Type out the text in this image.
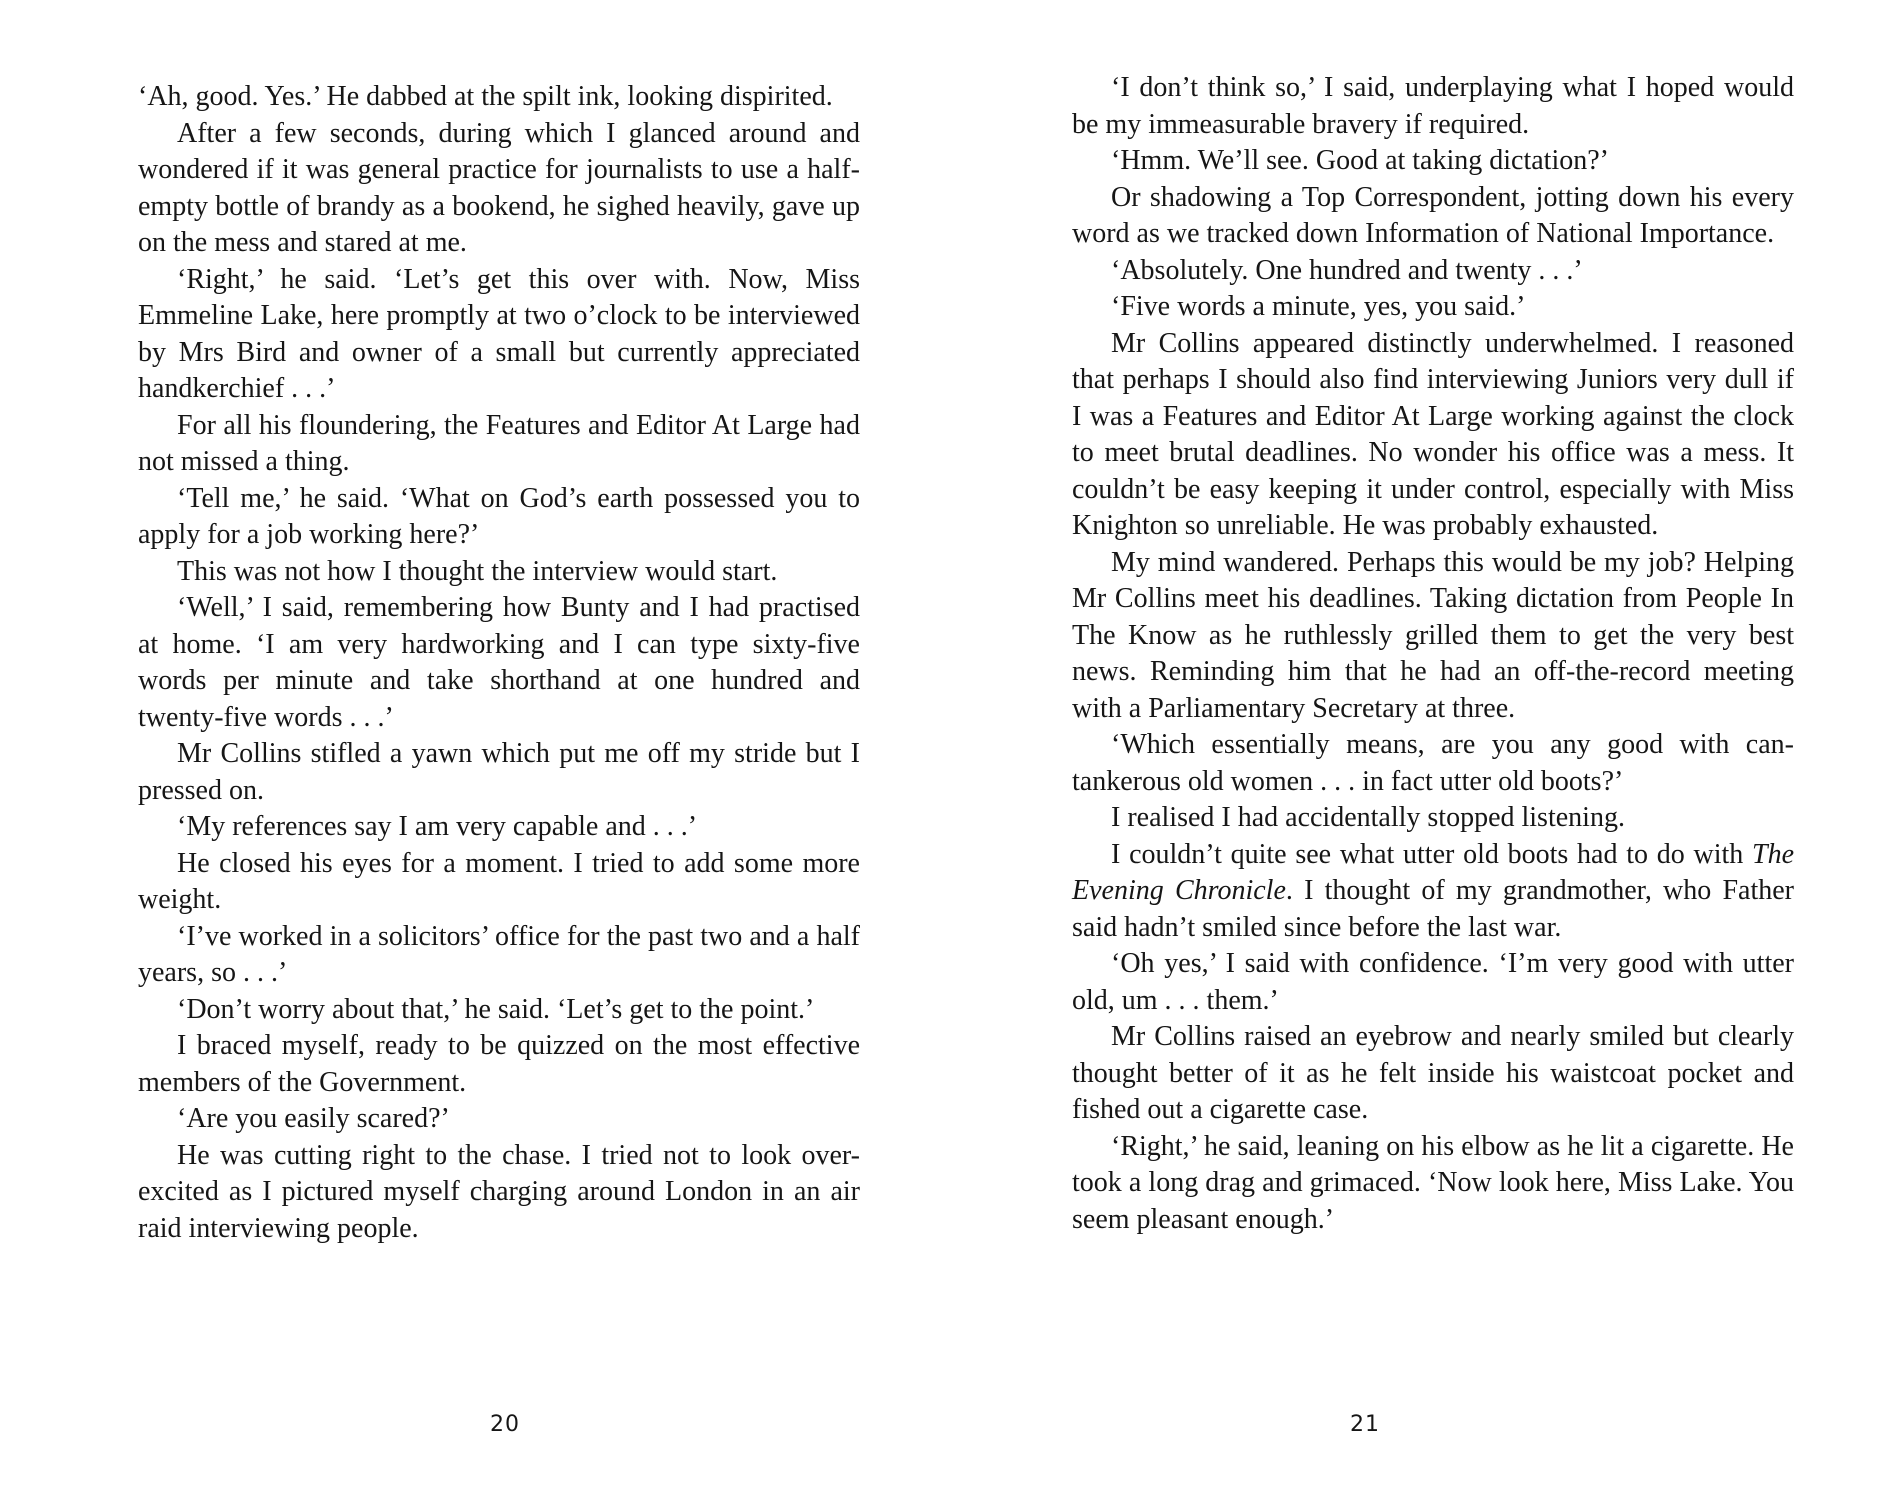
‘Ah, good. Yes.’ He dabbed at the spilt ink, looking dispirited.

After a few seconds, during which I glanced around and wondered if it was general practice for journalists to use a half-empty bottle of brandy as a bookend, he sighed heavily, gave up on the mess and stared at me.

‘Right,’ he said. ‘Let’s get this over with. Now, Miss Emmeline Lake, here promptly at two o’clock to be interviewed by Mrs Bird and owner of a small but currently appreciated handkerchief . . .’

For all his floundering, the Features and Editor At Large had not missed a thing.

‘Tell me,’ he said. ‘What on God’s earth possessed you to apply for a job working here?’

This was not how I thought the interview would start.

‘Well,’ I said, remembering how Bunty and I had practised at home. ‘I am very hardworking and I can type sixty-five words per minute and take shorthand at one hundred and twenty-five words . . .’

Mr Collins stifled a yawn which put me off my stride but I pressed on.

‘My references say I am very capable and . . .’

He closed his eyes for a moment. I tried to add some more weight.

‘I’ve worked in a solicitors’ office for the past two and a half years, so . . .’

‘Don’t worry about that,’ he said. ‘Let’s get to the point.’

I braced myself, ready to be quizzed on the most effective members of the Government.

‘Are you easily scared?’

He was cutting right to the chase. I tried not to look over-excited as I pictured myself charging around London in an air raid interviewing people.

20

‘I don’t think so,’ I said, underplaying what I hoped would be my immeasurable bravery if required.

‘Hmm. We’ll see. Good at taking dictation?’

Or shadowing a Top Correspondent, jotting down his every word as we tracked down Information of National Importance.

‘Absolutely. One hundred and twenty . . .’

‘Five words a minute, yes, you said.’

Mr Collins appeared distinctly underwhelmed. I reasoned that perhaps I should also find interviewing Juniors very dull if I was a Features and Editor At Large working against the clock to meet brutal deadlines. No wonder his office was a mess. It couldn’t be easy keeping it under control, especially with Miss Knighton so unreliable. He was probably exhausted.

My mind wandered. Perhaps this would be my job? Helping Mr Collins meet his deadlines. Taking dictation from People In The Know as he ruthlessly grilled them to get the very best news. Reminding him that he had an off-the-record meeting with a Parliamentary Secretary at three.

‘Which essentially means, are you any good with cantankerous old women . . . in fact utter old boots?’

I realised I had accidentally stopped listening.

I couldn’t quite see what utter old boots had to do with The Evening Chronicle. I thought of my grandmother, who Father said hadn’t smiled since before the last war.

‘Oh yes,’ I said with confidence. ‘I’m very good with utter old, um . . . them.’

Mr Collins raised an eyebrow and nearly smiled but clearly thought better of it as he felt inside his waistcoat pocket and fished out a cigarette case.

‘Right,’ he said, leaning on his elbow as he lit a cigarette. He took a long drag and grimaced. ‘Now look here, Miss Lake. You seem pleasant enough.’

21
